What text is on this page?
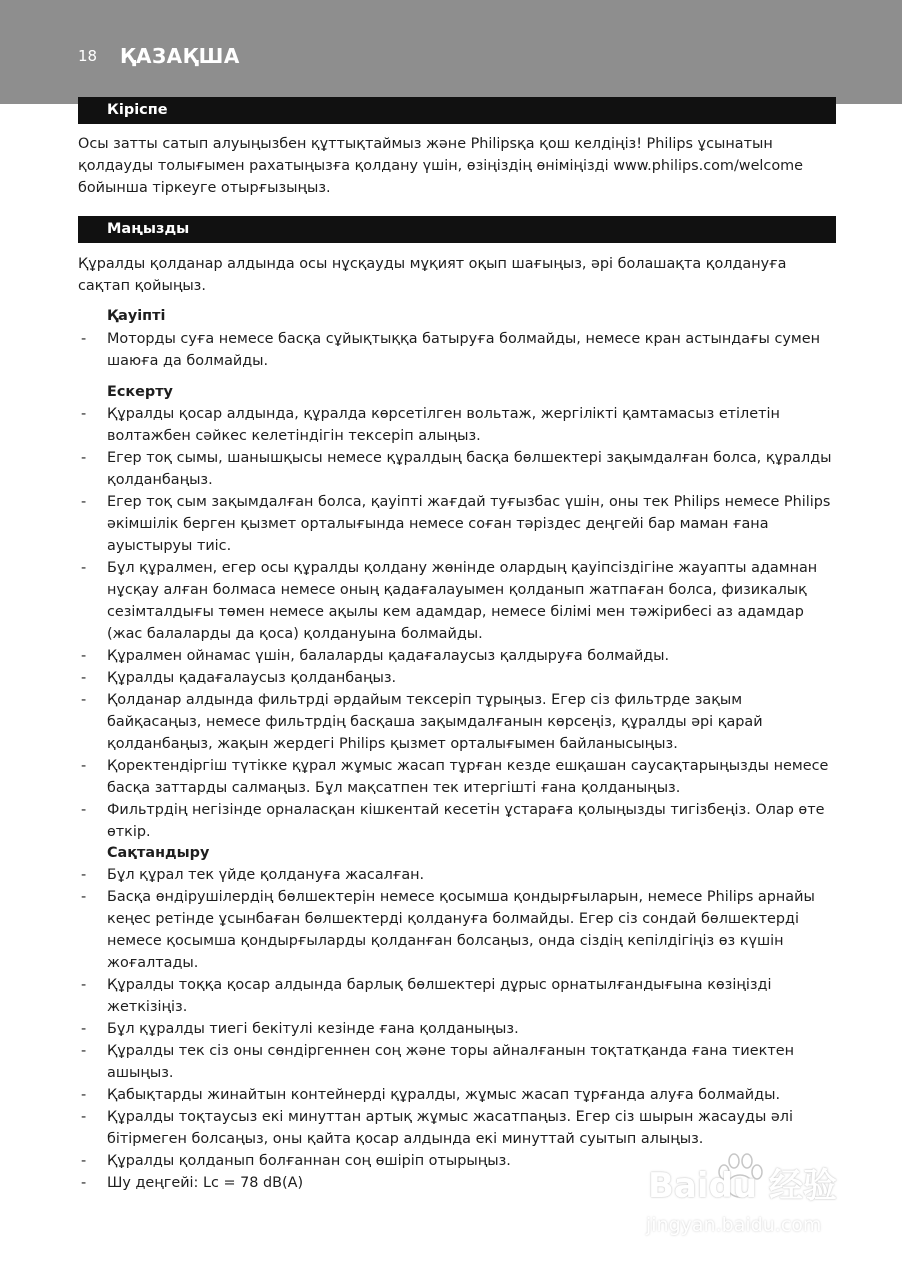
18 ҚАЗАҚША
Кіріспе

Осы затты сатып алуыңызбен құттықтаймыз және Philipsқа қош келдіңіз! Philips ұсынатын қолдауды толығымен рахатыңызға қолдану үшін, өзіңіздің өніміңізді www.philips.com/welcome бойынша тіркеуге отырғызыңыз.

Маңызды

Құралды қолданар алдында осы нұсқауды мұқият оқып шағыңыз, әрі болашақта қолдануға сақтап қойыңыз.

Қауіпті
- Моторды суға немесе басқа сұйықтыққа батыруға болмайды, немесе кран астындағы сумен шаюға да болмайды.
Ескерту
- Құралды қосар алдында, құралда көрсетілген вольтаж, жергілікті қамтамасыз етілетін волтажбен сәйкес келетіндігін тексеріп алыңыз.
- Егер тоқ сымы, шанышқысы немесе құралдың басқа бөлшектері зақымдалған болса, құралды қолданбаңыз.
- Егер тоқ сым зақымдалған болса, қауіпті жағдай туғызбас үшін, оны тек Philips немесе Philips әкімшілік берген қызмет орталығында немесе соған тәріздес деңгейі бар маман ғана ауыстыруы тиіс.
- Бұл құралмен, егер осы құралды қолдану жөнінде олардың қауіпсіздігіне жауапты адамнан нұсқау алған болмаса немесе оның қадағалауымен қолданып жатпаған болса, физикалық сезімталдығы төмен немесе ақылы кем адамдар, немесе білімі мен тәжірибесі аз адамдар (жас балаларды да қоса) қолдануына болмайды.
- Құралмен ойнамас үшін, балаларды қадағалаусыз қалдыруға болмайды.
- Құралды қадағалаусыз қолданбаңыз.
- Қолданар алдында фильтрді әрдайым тексеріп тұрыңыз. Егер сіз фильтрде зақым байқасаңыз, немесе фильтрдің басқаша зақымдалғанын көрсеңіз, құралды әрі қарай қолданбаңыз, жақын жердегі Philips қызмет орталығымен байланысыңыз.
- Қоректендіргіш түтікке құрал жұмыс жасап тұрған кезде ешқашан саусақтарыңызды немесе басқа заттарды салмаңыз. Бұл мақсатпен тек итергішті ғана қолданыңыз.
- Фильтрдің негізінде орналасқан кішкентай кесетін ұстараға қолыңызды тигізбеңіз. Олар өте өткір.
Сақтандыру
- Бұл құрал тек үйде қолдануға жасалған.
- Басқа өндірушілердің бөлшектерін немесе қосымша қондырғыларын, немесе Philips арнайы кеңес ретінде ұсынбаған бөлшектерді қолдануға болмайды. Егер сіз сондай бөлшектерді немесе қосымша қондырғыларды қолданған болсаңыз, онда сіздің кепілдігіңіз өз күшін жоғалтады.
- Құралды тоққа қосар алдында барлық бөлшектері дұрыс орнатылғандығына көзіңізді жеткізіңіз.
- Бұл құралды тиегі бекітулі кезінде ғана қолданыңыз.
- Құралды тек сіз оны сөндіргеннен соң және торы айналғанын тоқтатқанда ғана тиектен ашыңыз.
- Қабықтарды жинайтын контейнерді құралды, жұмыс жасап тұрғанда алуға болмайды.
- Құралды тоқтаусыз екі минуттан артық жұмыс жасатпаңыз. Егер сіз шырын жасауды әлі бітірмеген болсаңыз, оны қайта қосар алдында екі минуттай суытып алыңыз.
- Құралды қолданып болғаннан соң өшіріп отырыңыз.
- Шу деңгейі: Lc = 78 dB(A)	Baidu 经验
jingyan.baidu.com
